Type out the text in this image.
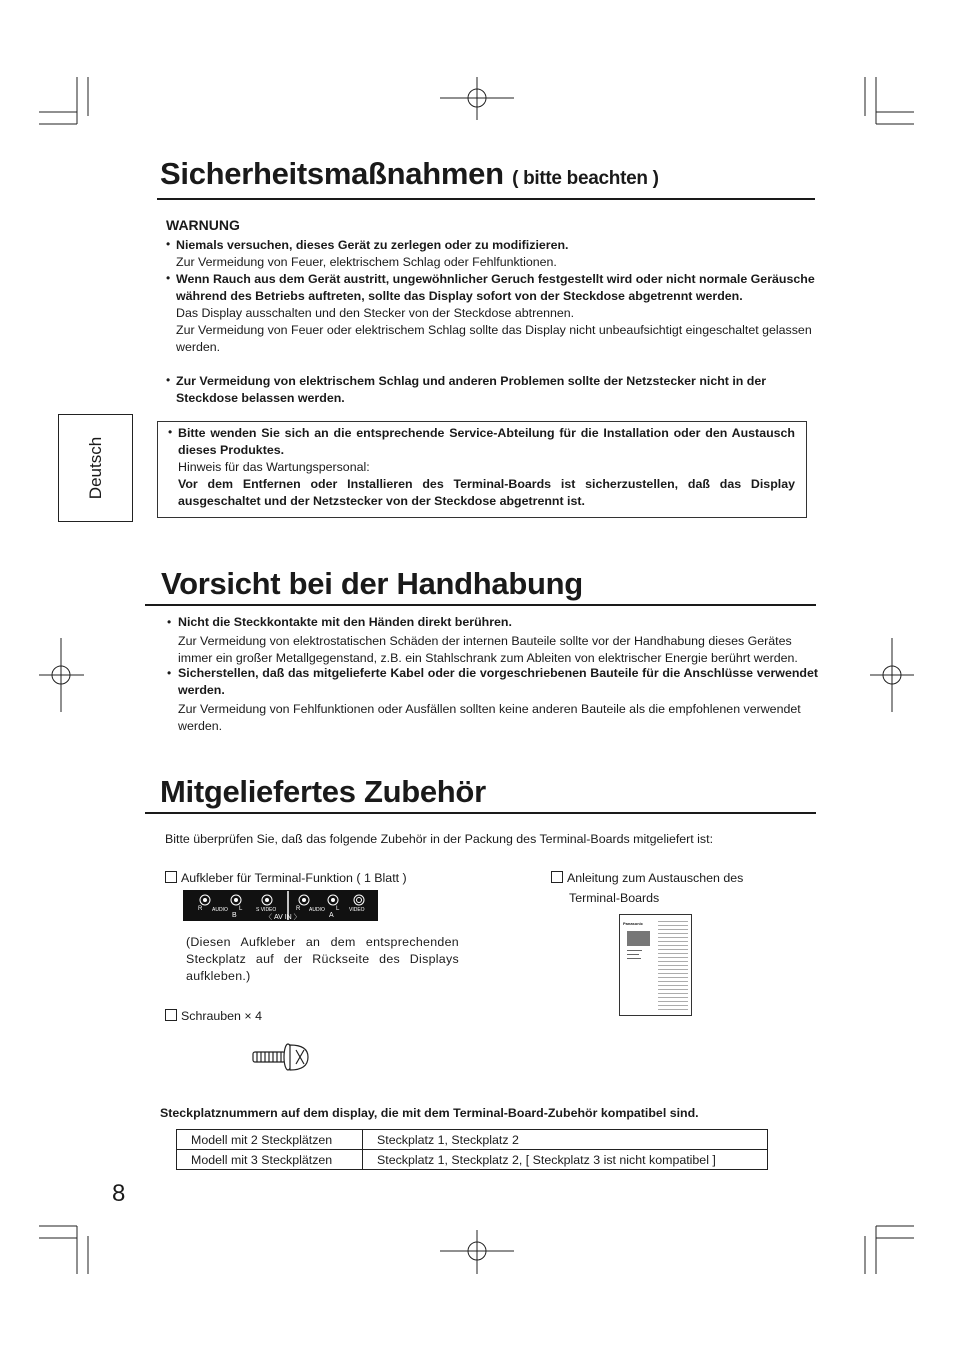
Deutsch
Sicherheitsmaßnahmen ( bitte beachten )
WARNUNG
• Niemals versuchen, dieses Gerät zu zerlegen oder zu modifizieren.
Zur Vermeidung von Feuer, elektrischem Schlag oder Fehlfunktionen.
• Wenn Rauch aus dem Gerät austritt, ungewöhnlicher Geruch festgestellt wird oder nicht normale Geräusche während des Betriebs auftreten, sollte das Display sofort von der Steckdose abgetrennt werden.
Das Display ausschalten und den Stecker von der Steckdose abtrennen.
Zur Vermeidung von Feuer oder elektrischem Schlag sollte das Display nicht unbeaufsichtigt eingeschaltet gelassen werden.
• Zur Vermeidung von elektrischem Schlag und anderen Problemen sollte der Netzstecker nicht in der Steckdose belassen werden.
• Bitte wenden Sie sich an die entsprechende Service-Abteilung für die Installation oder den Austausch dieses Produktes.
Hinweis für das Wartungspersonal:
Vor dem Entfernen oder Installieren des Terminal-Boards ist sicherzustellen, daß das Display ausgeschaltet und der Netzstecker von der Steckdose abgetrennt ist.
Vorsicht bei der Handhabung
• Nicht die Steckkontakte mit den Händen direkt berühren.
Zur Vermeidung von elektrostatischen Schäden der internen Bauteile sollte vor der Handhabung dieses Gerätes immer ein großer Metallgegenstand, z.B. ein Stahlschrank zum Ableiten von elektrischer Energie berührt werden.
• Sicherstellen, daß das mitgelieferte Kabel oder die vorgeschriebenen Bauteile für die Anschlüsse verwendet werden.
Zur Vermeidung von Fehlfunktionen oder Ausfällen sollten keine anderen Bauteile als die empfohlenen verwendet werden.
Mitgeliefertes Zubehör
Bitte überprüfen Sie, daß das folgende Zubehör in der Packung des Terminal-Boards mitgeliefert ist:
Aufkleber für Terminal-Funktion ( 1 Blatt )
R	L
AUDIO	S VIDEO	R	L
AUDIO	VIDEO
B	〈 AV IN 〉	A
(Diesen Aufkleber an dem entsprechenden Steckplatz auf der Rückseite des Displays aufkleben.)
Anleitung zum Austauschen des
Terminal-Boards
Panasonic
Schrauben × 4
Steckplatznummern auf dem display, die mit dem Terminal-Board-Zubehör kompatibel sind.
Modell mit 2 Steckplätzen	Steckplatz 1, Steckplatz 2
Modell mit 3 Steckplätzen	Steckplatz 1, Steckplatz 2, [ Steckplatz 3 ist nicht kompatibel ]
8
